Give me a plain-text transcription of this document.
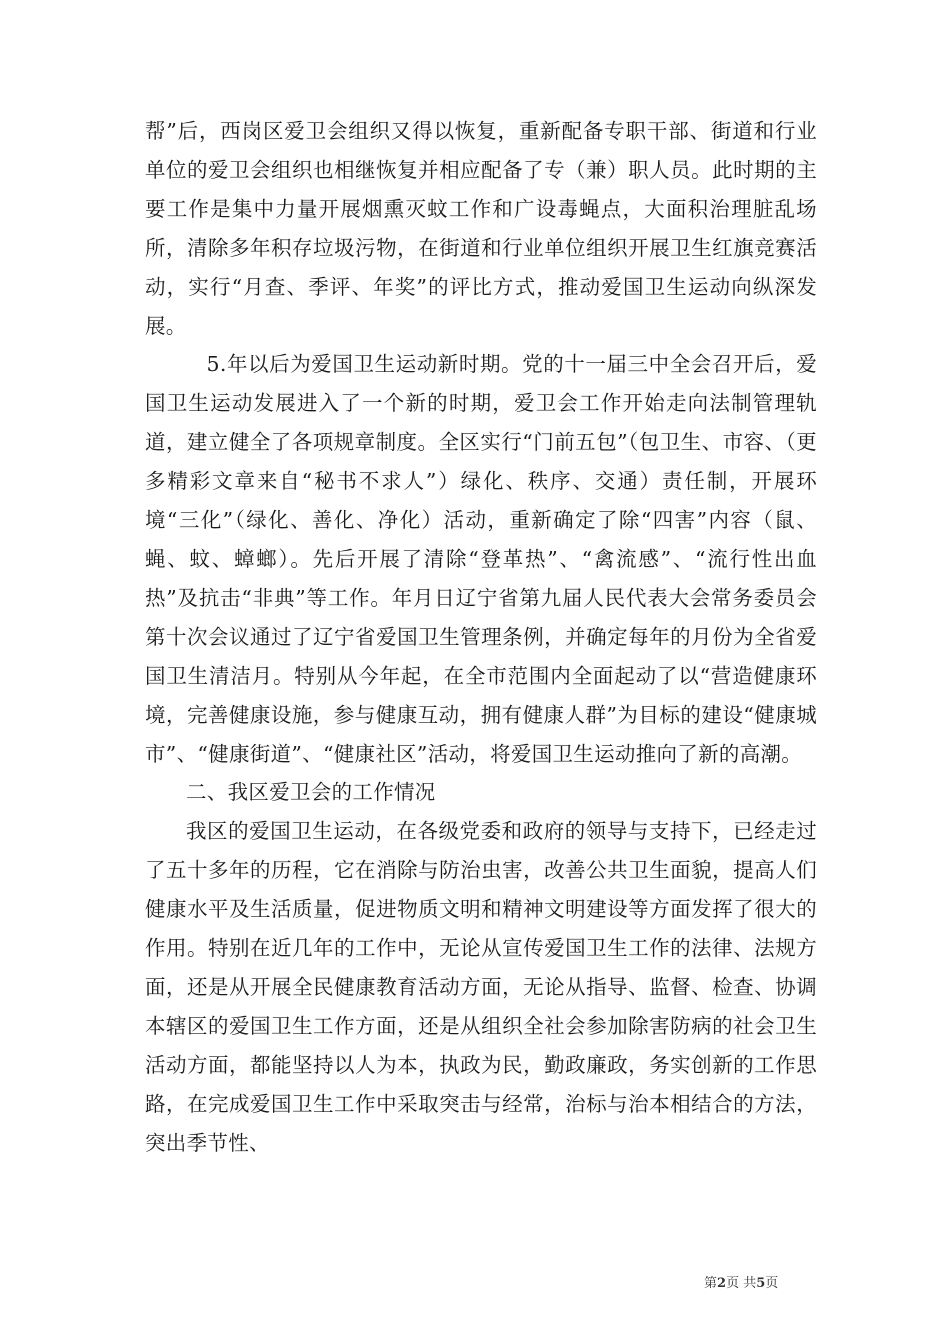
帮”后，西岗区爱卫会组织又得以恢复，重新配备专职干部、街道和行业单位的爱卫会组织也相继恢复并相应配备了专（兼）职人员。此时期的主要工作是集中力量开展烟熏灭蚊工作和广设毒蝇点，大面积治理脏乱场所，清除多年积存垃圾污物，在街道和行业单位组织开展卫生红旗竞赛活动，实行“月查、季评、年奖”的评比方式，推动爱国卫生运动向纵深发展。

5.年以后为爱国卫生运动新时期。党的十一届三中全会召开后，爱国卫生运动发展进入了一个新的时期，爱卫会工作开始走向法制管理轨道，建立健全了各项规章制度。全区实行“门前五包”（包卫生、市容、（更多精彩文章来自“秘书不求人”）绿化、秩序、交通）责任制，开展环境“三化”（绿化、善化、净化）活动，重新确定了除“四害”内容（鼠、蝇、蚊、蟑螂）。先后开展了清除“登革热”、“禽流感”、“流行性出血热”及抗击“非典”等工作。年月日辽宁省第九届人民代表大会常务委员会第十次会议通过了辽宁省爱国卫生管理条例，并确定每年的月份为全省爱国卫生清洁月。特别从今年起，在全市范围内全面起动了以“营造健康环境，完善健康设施，参与健康互动，拥有健康人群”为目标的建设“健康城市”、“健康街道”、“健康社区”活动，将爱国卫生运动推向了新的高潮。

二、我区爱卫会的工作情况

我区的爱国卫生运动，在各级党委和政府的领导与支持下，已经走过了五十多年的历程，它在消除与防治虫害，改善公共卫生面貌，提高人们健康水平及生活质量，促进物质文明和精神文明建设等方面发挥了很大的作用。特别在近几年的工作中，无论从宣传爱国卫生工作的法律、法规方面，还是从开展全民健康教育活动方面，无论从指导、监督、检查、协调本辖区的爱国卫生工作方面，还是从组织全社会参加除害防病的社会卫生活动方面，都能坚持以人为本，执政为民，勤政廉政，务实创新的工作思路，在完成爱国卫生工作中采取突击与经常，治标与治本相结合的方法，突出季节性、

第2页 共5页
